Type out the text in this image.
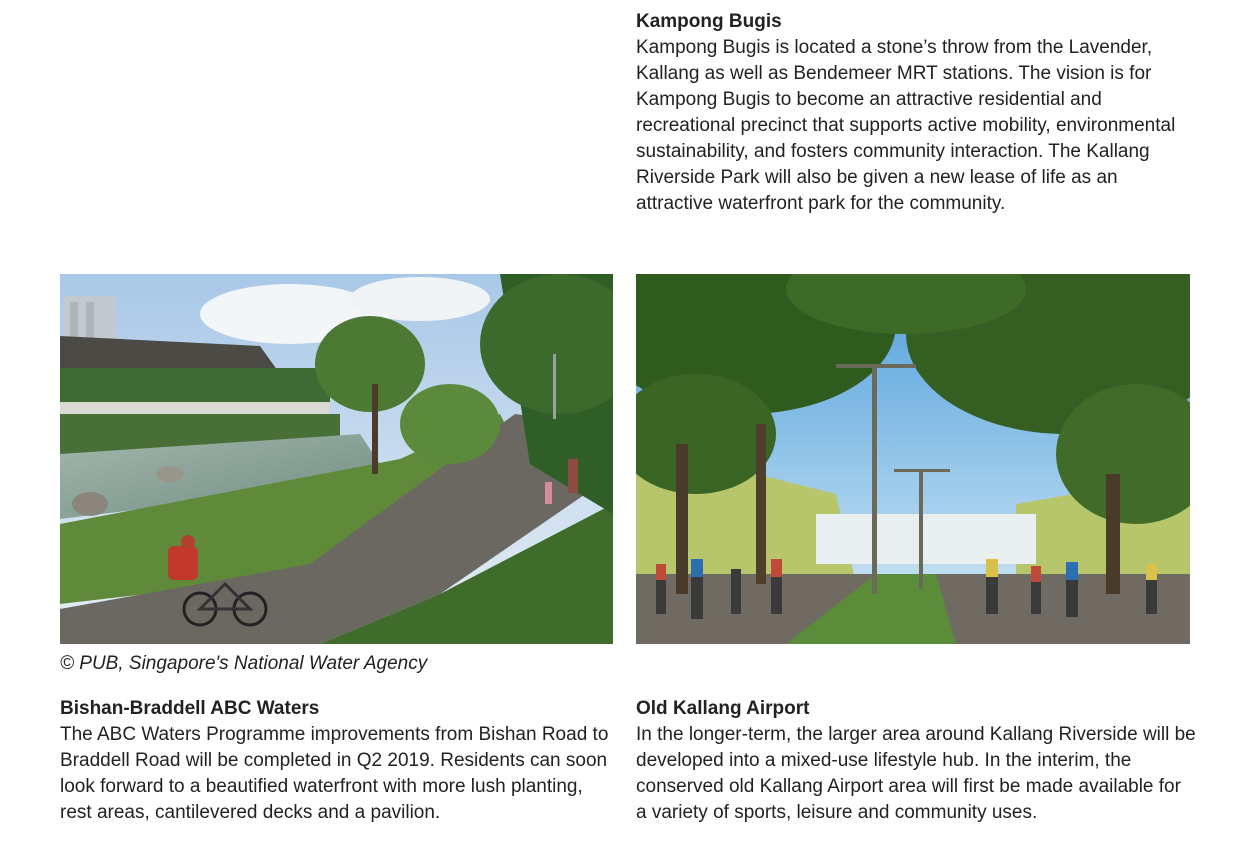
Kampong Bugis
Kampong Bugis is located a stone’s throw from the Lavender, Kallang as well as Bendemeer MRT stations. The vision is for Kampong Bugis to become an attractive residential and recreational precinct that supports active mobility, environmental sustainability, and fosters community interaction. The Kallang Riverside Park will also be given a new lease of life as an attractive waterfront park for the community.
© PUB, Singapore's National Water Agency
Bishan-Braddell ABC Waters
The ABC Waters Programme improvements from Bishan Road to Braddell Road will be completed in Q2 2019. Residents can soon look forward to a beautified waterfront with more lush planting, rest areas, cantilevered decks and a pavilion.
Old Kallang Airport
In the longer-term, the larger area around Kallang Riverside will be developed into a mixed-use lifestyle hub. In the interim, the conserved old Kallang Airport area will first be made available for a variety of sports, leisure and community uses.
